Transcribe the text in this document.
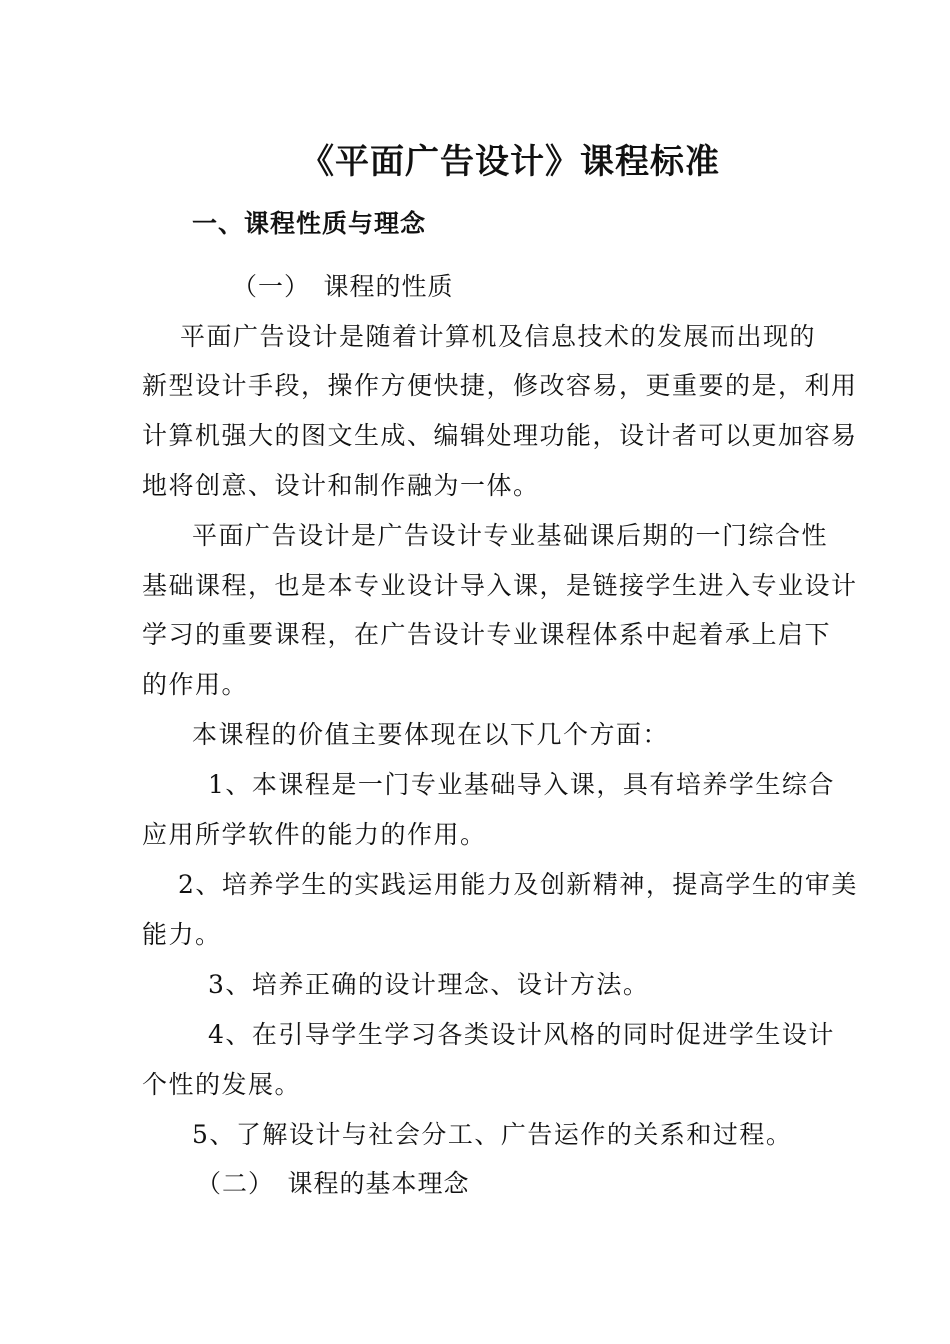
《平面广告设计》课程标准
一、课程性质与理念
（一）　课程的性质
平面广告设计是随着计算机及信息技术的发展而出现的
新型设计手段，操作方便快捷，修改容易，更重要的是，利用
计算机强大的图文生成、编辑处理功能，设计者可以更加容易
地将创意、设计和制作融为一体。
平面广告设计是广告设计专业基础课后期的一门综合性
基础课程，也是本专业设计导入课，是链接学生进入专业设计
学习的重要课程，在广告设计专业课程体系中起着承上启下
的作用。
本课程的价值主要体现在以下几个方面：
1、本课程是一门专业基础导入课，具有培养学生综合
应用所学软件的能力的作用。
2、培养学生的实践运用能力及创新精神，提高学生的审美
能力。
3、培养正确的设计理念、设计方法。
4、在引导学生学习各类设计风格的同时促进学生设计
个性的发展。
5、了解设计与社会分工、广告运作的关系和过程。
（二）　课程的基本理念
